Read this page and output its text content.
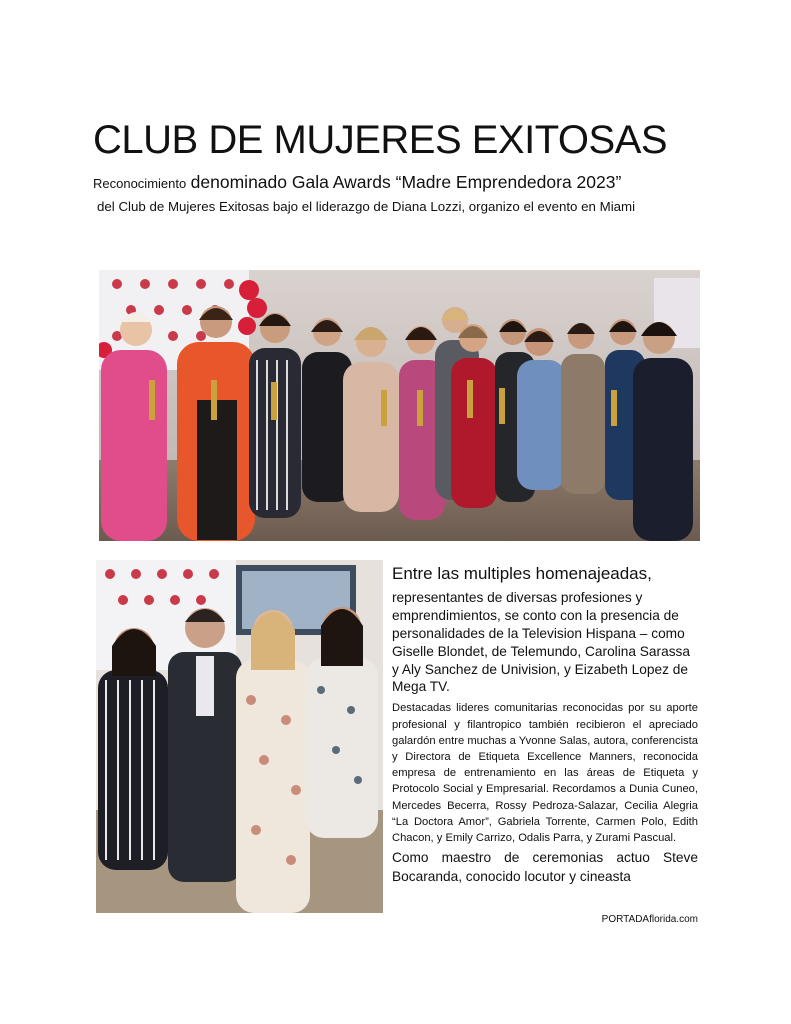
CLUB DE MUJERES EXITOSAS
Reconocimiento denominado Gala Awards “Madre Emprendedora 2023”
del Club de Mujeres Exitosas bajo el liderazgo de Diana Lozzi, organizo el evento en Miami

Entre las multiples homenajeadas,

representantes de diversas profesiones y emprendimientos, se conto con la presencia de personalidades de la Television Hispana – como Giselle Blondet, de Telemundo, Carolina Sarassa y Aly Sanchez de Univision, y Eizabeth Lopez de Mega TV.

Destacadas lideres comunitarias reconocidas por su aporte profesional y filantropico también recibieron el apreciado galardón entre muchas a Yvonne Salas, autora, conferencista y Directora de Etiqueta Excellence Manners, reconocida empresa de entrenamiento en las áreas de Etiqueta y Protocolo Social y Empresarial. Recordamos a Dunia Cuneo, Mercedes Becerra, Rossy Pedroza-Salazar, Cecilia Alegria “La Doctora Amor”, Gabriela Torrente, Carmen Polo, Edith Chacon, y Emily Carrizo, Odalis Parra, y Zurami Pascual.

Como maestro de ceremonias actuo Steve Bocaranda, conocido locutor y cineasta

PORTADAflorida.com
